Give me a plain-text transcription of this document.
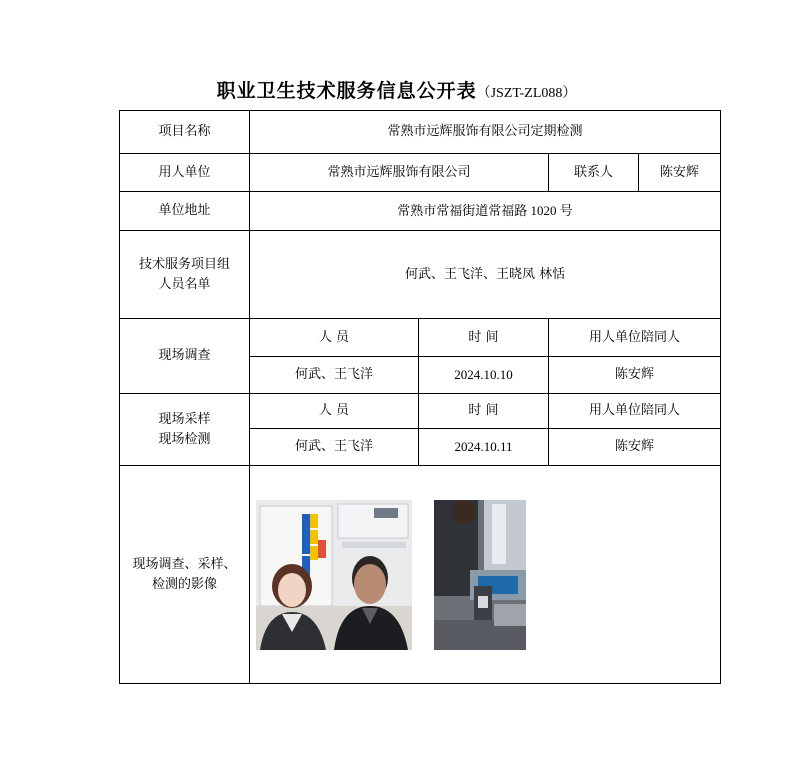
职业卫生技术服务信息公开表（JSZT-ZL088）
项目名称	常熟市远辉服饰有限公司定期检测			
用人单位	常熟市远辉服饰有限公司		联系人	陈安辉
单位地址	常熟市常福街道常福路 1020 号			

技术服务项目组
人员名单	何武、王飞洋、王晓凤 林恬			
现场调查	人 员	时 间	用人单位陪同人	
	何武、王飞洋	2024.10.10	陈安辉	

现场采样
现场检测	人 员	时 间	用人单位陪同人	
	何武、王飞洋	2024.10.11	陈安辉	

现场调查、采样、
检测的影像
